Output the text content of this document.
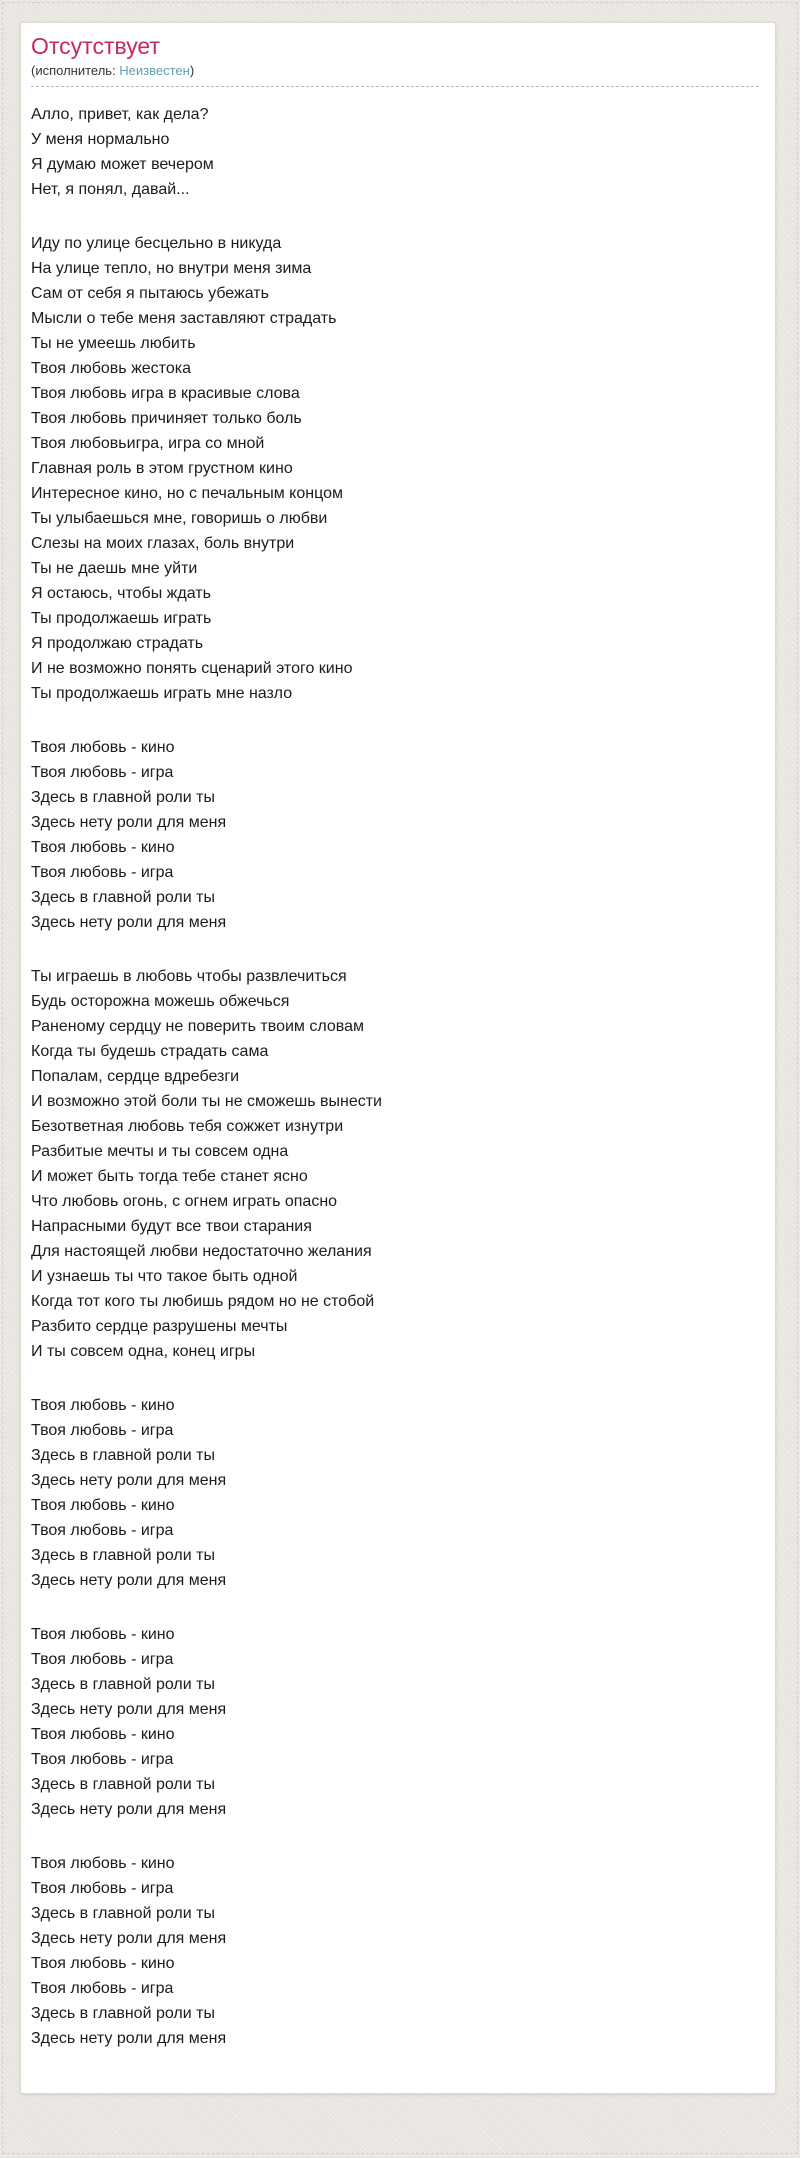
Отсутствует
(исполнитель: Неизвестен)
Алло, привет, как дела?
У меня нормально
Я думаю может вечером
Нет, я понял, давай...
Иду по улице бесцельно в никуда
На улице тепло, но внутри меня зима
Сам от себя я пытаюсь убежать
Мысли о тебе меня заставляют страдать
Ты не умеешь любить
Твоя любовь жестока
Твоя любовь игра в красивые слова
Твоя любовь причиняет только боль
Твоя любовьигра, игра со мной
Главная роль в этом грустном кино
Интересное кино, но с печальным концом
Ты улыбаешься мне, говоришь о любви
Слезы на моих глазах, боль внутри
Ты не даешь мне уйти
Я остаюсь, чтобы ждать
Ты продолжаешь играть
Я продолжаю страдать
И не возможно понять сценарий этого кино
Ты продолжаешь играть мне назло
Твоя любовь - кино
Твоя любовь - игра
Здесь в главной роли ты
Здесь нету роли для меня
Твоя любовь - кино
Твоя любовь - игра
Здесь в главной роли ты
Здесь нету роли для меня
Ты играешь в любовь чтобы развлечиться
Будь осторожна можешь обжечься
Раненому сердцу не поверить твоим словам
Когда ты будешь страдать сама
Попалам, сердце вдребезги
И возможно этой боли ты не сможешь вынести
Безответная любовь тебя сожжет изнутри
Разбитые мечты и ты совсем одна
И может быть тогда тебе станет ясно
Что любовь огонь, с огнем играть опасно
Напрасными будут все твои старания
Для настоящей любви недостаточно желания
И узнаешь ты что такое быть одной
Когда тот кого ты любишь рядом но не стобой
Разбито сердце разрушены мечты
И ты совсем одна, конец игры
Твоя любовь - кино
Твоя любовь - игра
Здесь в главной роли ты
Здесь нету роли для меня
Твоя любовь - кино
Твоя любовь - игра
Здесь в главной роли ты
Здесь нету роли для меня
Твоя любовь - кино
Твоя любовь - игра
Здесь в главной роли ты
Здесь нету роли для меня
Твоя любовь - кино
Твоя любовь - игра
Здесь в главной роли ты
Здесь нету роли для меня
Твоя любовь - кино
Твоя любовь - игра
Здесь в главной роли ты
Здесь нету роли для меня
Твоя любовь - кино
Твоя любовь - игра
Здесь в главной роли ты
Здесь нету роли для меня
